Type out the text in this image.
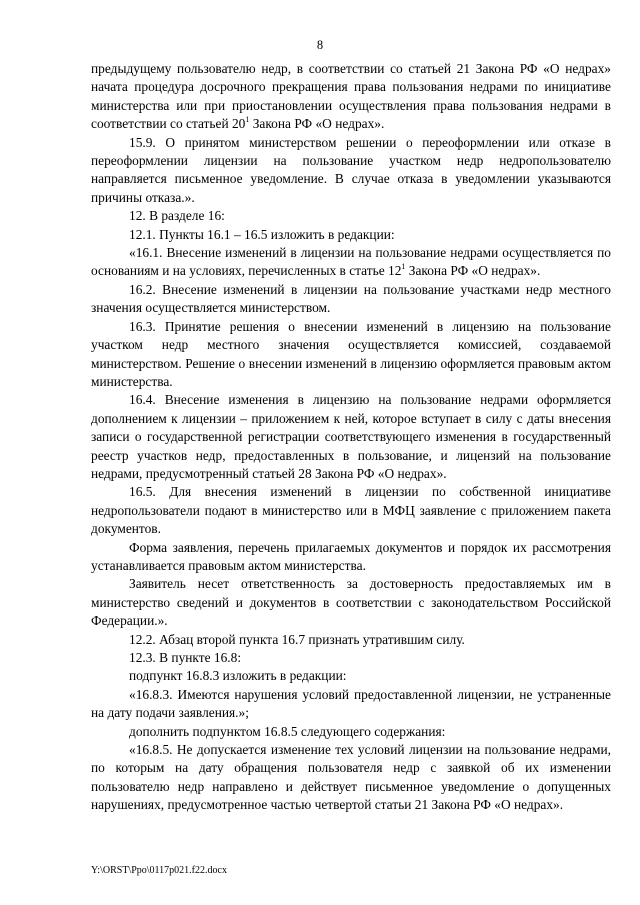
8

предыдущему пользователю недр, в соответствии со статьей 21 Закона РФ «О недрах» начата процедура досрочного прекращения права пользования недрами по инициативе министерства или при приостановлении осуществления права пользования недрами в соответствии со статьей $20^1$ Закона РФ «О недрах».

15.9. О принятом министерством решении о переоформлении или отказе в переоформлении лицензии на пользование участком недр недропользователю направляется письменное уведомление. В случае отказа в уведомлении указываются причины отказа.».

12. В разделе 16:

12.1. Пункты 16.1 – 16.5 изложить в редакции:

«16.1. Внесение изменений в лицензии на пользование недрами осуществляется по основаниям и на условиях, перечисленных в статье $12^1$ Закона РФ «О недрах».

16.2. Внесение изменений в лицензии на пользование участками недр местного значения осуществляется министерством.

16.3. Принятие решения о внесении изменений в лицензию на пользование участком недр местного значения осуществляется комиссией, создаваемой министерством. Решение о внесении изменений в лицензию оформляется правовым актом министерства.

16.4. Внесение изменения в лицензию на пользование недрами оформляется дополнением к лицензии – приложением к ней, которое вступает в силу с даты внесения записи о государственной регистрации соответствующего изменения в государственный реестр участков недр, предоставленных в пользование, и лицензий на пользование недрами, предусмотренный статьей 28 Закона РФ «О недрах».

16.5. Для внесения изменений в лицензии по собственной инициативе недропользователи подают в министерство или в МФЦ заявление с приложением пакета документов.

Форма заявления, перечень прилагаемых документов и порядок их рассмотрения устанавливается правовым актом министерства.

Заявитель несет ответственность за достоверность предоставляемых им в министерство сведений и документов в соответствии с законодательством Российской Федерации.».

12.2. Абзац второй пункта 16.7 признать утратившим силу.

12.3. В пункте 16.8:

подпункт 16.8.3 изложить в редакции:

«16.8.3. Имеются нарушения условий предоставленной лицензии, не устраненные на дату подачи заявления.»;

дополнить подпунктом 16.8.5 следующего содержания:

«16.8.5. Не допускается изменение тех условий лицензии на пользование недрами, по которым на дату обращения пользователя недр с заявкой об их изменении пользователю недр направлено и действует письменное уведомление о допущенных нарушениях, предусмотренное частью четвертой статьи 21 Закона РФ «О недрах».

Y:\ORST\Ppo\0117p021.f22.docx
